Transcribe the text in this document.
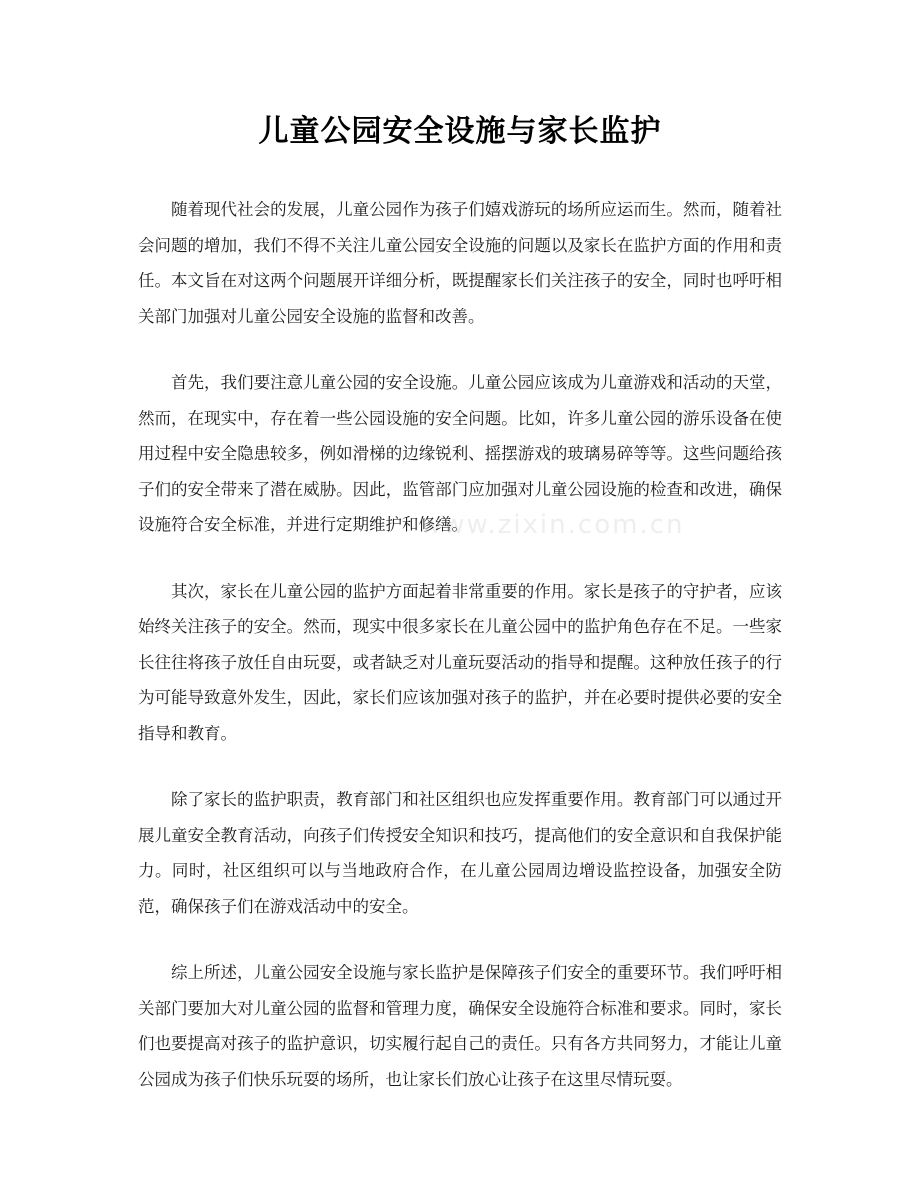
儿童公园安全设施与家长监护

随着现代社会的发展，儿童公园作为孩子们嬉戏游玩的场所应运而生。然而，随着社会问题的增加，我们不得不关注儿童公园安全设施的问题以及家长在监护方面的作用和责任。本文旨在对这两个问题展开详细分析，既提醒家长们关注孩子的安全，同时也呼吁相关部门加强对儿童公园安全设施的监督和改善。

首先，我们要注意儿童公园的安全设施。儿童公园应该成为儿童游戏和活动的天堂，然而，在现实中，存在着一些公园设施的安全问题。比如，许多儿童公园的游乐设备在使用过程中安全隐患较多，例如滑梯的边缘锐利、摇摆游戏的玻璃易碎等等。这些问题给孩子们的安全带来了潜在威胁。因此，监管部门应加强对儿童公园设施的检查和改进，确保设施符合安全标准，并进行定期维护和修缮。

其次，家长在儿童公园的监护方面起着非常重要的作用。家长是孩子的守护者，应该始终关注孩子的安全。然而，现实中很多家长在儿童公园中的监护角色存在不足。一些家长往往将孩子放任自由玩耍，或者缺乏对儿童玩耍活动的指导和提醒。这种放任孩子的行为可能导致意外发生，因此，家长们应该加强对孩子的监护，并在必要时提供必要的安全指导和教育。

除了家长的监护职责，教育部门和社区组织也应发挥重要作用。教育部门可以通过开展儿童安全教育活动，向孩子们传授安全知识和技巧，提高他们的安全意识和自我保护能力。同时，社区组织可以与当地政府合作，在儿童公园周边增设监控设备，加强安全防范，确保孩子们在游戏活动中的安全。

综上所述，儿童公园安全设施与家长监护是保障孩子们安全的重要环节。我们呼吁相关部门要加大对儿童公园的监督和管理力度，确保安全设施符合标准和要求。同时，家长们也要提高对孩子的监护意识，切实履行起自己的责任。只有各方共同努力，才能让儿童公园成为孩子们快乐玩耍的场所，也让家长们放心让孩子在这里尽情玩耍。

www.zixin.com.cn
